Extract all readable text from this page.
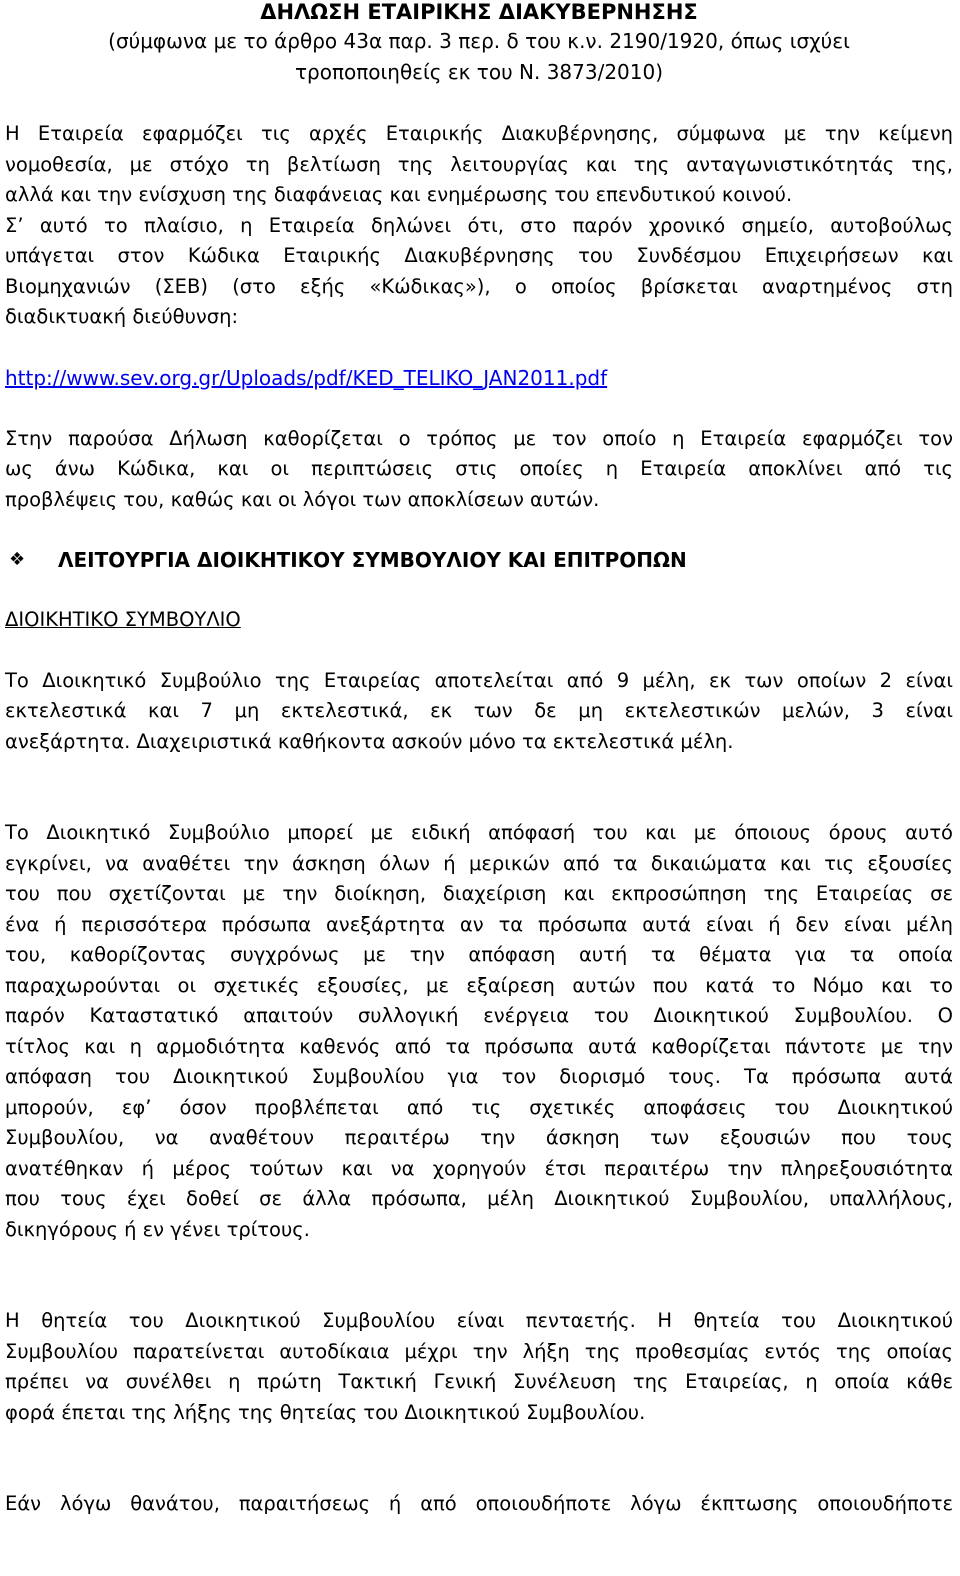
ΔΗΛΩΣΗ ΕΤΑΙΡΙΚΗΣ ΔΙΑΚΥΒΕΡΝΗΣΗΣ
(σύμφωνα με το άρθρο 43α παρ. 3 περ. δ του κ.ν. 2190/1920, όπως ισχύει
τροποποιηθείς εκ του Ν. 3873/2010)
Η Εταιρεία εφαρμόζει τις αρχές Εταιρικής Διακυβέρνησης, σύμφωνα με την κείμενη
νομοθεσία, με στόχο τη βελτίωση της λειτουργίας και της ανταγωνιστικότητάς της,
αλλά και την ενίσχυση της διαφάνειας και ενημέρωσης του επενδυτικού κοινού.
Σ’ αυτό το πλαίσιο, η Εταιρεία δηλώνει ότι, στο παρόν χρονικό σημείο, αυτοβούλως
υπάγεται στον Κώδικα Εταιρικής Διακυβέρνησης του Συνδέσμου Επιχειρήσεων και
Βιομηχανιών (ΣΕΒ) (στο εξής «Κώδικας»), ο οποίος βρίσκεται αναρτημένος στη
διαδικτυακή διεύθυνση:
http://www.sev.org.gr/Uploads/pdf/KED_TELIKO_JAN2011.pdf
Στην παρούσα Δήλωση καθορίζεται ο τρόπος με τον οποίο η Εταιρεία εφαρμόζει τον
ως άνω Κώδικα, και οι περιπτώσεις στις οποίες η Εταιρεία αποκλίνει από τις
προβλέψεις του, καθώς και οι λόγοι των αποκλίσεων αυτών.
❖ ΛΕΙΤΟΥΡΓΙΑ ΔΙΟΙΚΗΤΙΚΟΥ ΣΥΜΒΟΥΛΙΟΥ ΚΑΙ ΕΠΙΤΡΟΠΩΝ
ΔΙΟΙΚΗΤΙΚΟ ΣΥΜΒΟΥΛΙΟ
Το Διοικητικό Συμβούλιο της Εταιρείας αποτελείται από 9 μέλη, εκ των οποίων 2 είναι
εκτελεστικά και 7 μη εκτελεστικά, εκ των δε μη εκτελεστικών μελών, 3 είναι
ανεξάρτητα. Διαχειριστικά καθήκοντα ασκούν μόνο τα εκτελεστικά μέλη.
Το Διοικητικό Συμβούλιο μπορεί με ειδική απόφασή του και με όποιους όρους αυτό
εγκρίνει, να αναθέτει την άσκηση όλων ή μερικών από τα δικαιώματα και τις εξουσίες
του που σχετίζονται με την διοίκηση, διαχείριση και εκπροσώπηση της Εταιρείας σε
ένα ή περισσότερα πρόσωπα ανεξάρτητα αν τα πρόσωπα αυτά είναι ή δεν είναι μέλη
του, καθορίζοντας συγχρόνως με την απόφαση αυτή τα θέματα για τα οποία
παραχωρούνται οι σχετικές εξουσίες, με εξαίρεση αυτών που κατά το Νόμο και το
παρόν Καταστατικό απαιτούν συλλογική ενέργεια του Διοικητικού Συμβουλίου. Ο
τίτλος και η αρμοδιότητα καθενός από τα πρόσωπα αυτά καθορίζεται πάντοτε με την
απόφαση του Διοικητικού Συμβουλίου για τον διορισμό τους. Τα πρόσωπα αυτά
μπορούν, εφ’ όσον προβλέπεται από τις σχετικές αποφάσεις του Διοικητικού
Συμβουλίου, να αναθέτουν περαιτέρω την άσκηση των εξουσιών που τους
ανατέθηκαν ή μέρος τούτων και να χορηγούν έτσι περαιτέρω την πληρεξουσιότητα
που τους έχει δοθεί σε άλλα πρόσωπα, μέλη Διοικητικού Συμβουλίου, υπαλλήλους,
δικηγόρους ή εν γένει τρίτους.
Η θητεία του Διοικητικού Συμβουλίου είναι πενταετής. Η θητεία του Διοικητικού
Συμβουλίου παρατείνεται αυτοδίκαια μέχρι την λήξη της προθεσμίας εντός της οποίας
πρέπει να συνέλθει η πρώτη Τακτική Γενική Συνέλευση της Εταιρείας, η οποία κάθε
φορά έπεται της λήξης της θητείας του Διοικητικού Συμβουλίου.
Εάν λόγω θανάτου, παραιτήσεως ή από οποιουδήποτε λόγω έκπτωσης οποιουδήποτε
